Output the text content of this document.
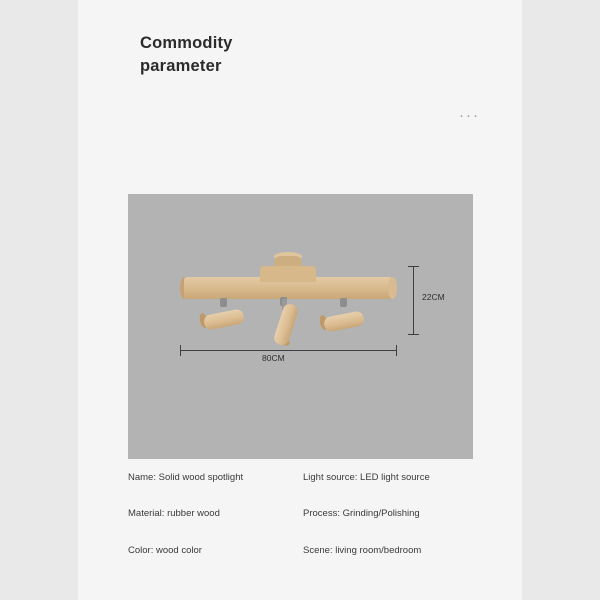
Commodity
parameter
···
22CM
80CM
Name: Solid wood spotlight	Light source: LED light source
Material: rubber wood	Process: Grinding/Polishing
Color: wood color	Scene: living room/bedroom
